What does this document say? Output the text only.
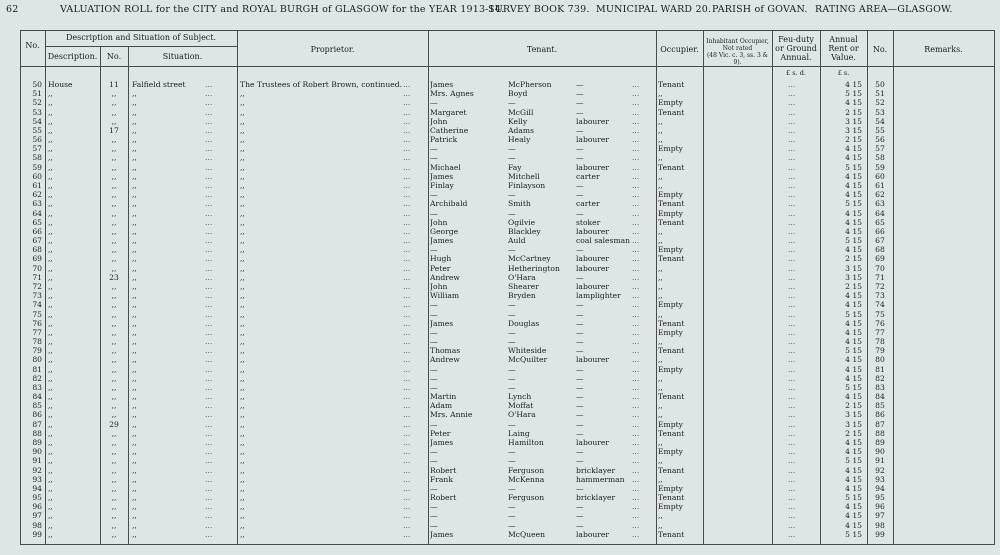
62	VALUATION ROLL for the CITY and ROYAL BURGH of GLASGOW for the YEAR 1913-14.
SURVEY BOOK 739. MUNICIPAL WARD 20. PARISH of GOVAN. RATING AREA—GLASGOW.
No.
Description and Situation of Subject.
Description.	No.	Situation.
Proprietor.	Tenant.	Occupier.
Inhabitant Occupier,
Not rated
(48 Vic. c. 3, ss. 3 & 9).
Feu-duty
or Ground
Annual.
Annual
Rent or
Value.
No.	Remarks.
£ s. d.	£ s.
50 House	11	Falfield street	The Trustees of Robert Brown, continued.	James	McPherson	—	Tenant	4 15	50
...	...	...	...
51 ,,	,,	,,	,,	Mrs. Agnes	Boyd	—	,,	5 15	51
...	...	...	...
52 ,,	,,	,,	,,	—	—	—	Empty	4 15	52
...	...	...	...
53 ,,	,,	,,	,,	Margaret	McGill	—	Tenant	2 15	53
...	...	...	...
54 ,,	,,	,,	,,	John	Kelly	labourer	,,	3 15	54
...	...	...	...
55 ,,	17	,,	,,	Catherine	Adams	—	,,	3 15	55
...	...	...	...
56 ,,	,,	,,	,,	Patrick	Healy	labourer	,,	2 15	56
...	...	...	...
57 ,,	,,	,,	,,	—	—	—	Empty	4 15	57
...	...	...	...
58 ,,	,,	,,	,,	—	—	—	,,	4 15	58
...	...	...	...
59 ,,	,,	,,	,,	Michael	Fay	labourer	Tenant	5 15	59
...	...	...	...
60 ,,	,,	,,	,,	James	Mitchell	carter	,,	4 15	60
...	...	...	...
61 ,,	,,	,,	,,	Finlay	Finlayson	—	,,	4 15	61
...	...	...	...
62 ,,	,,	,,	,,	—	—	—	Empty	4 15	62
...	...	...	...
63 ,,	,,	,,	,,	Archibald	Smith	carter	Tenant	5 15	63
...	...	...	...
64 ,,	,,	,,	,,	—	—	—	Empty	4 15	64
...	...	...	...
65 ,,	,,	,,	,,	John	Ogilvie	stoker	Tenant	4 15	65
...	...	...	...
66 ,,	,,	,,	,,	George	Blackley	labourer	,,	4 15	66
...	...	...	...
67 ,,	,,	,,	,,	James	Auld	coal salesman	,,	5 15	67
...	...	...	...
68 ,,	,,	,,	,,	—	—	—	Empty	4 15	68
...	...	...	...
69 ,,	,,	,,	,,	Hugh	McCartney	labourer	Tenant	2 15	69
...	...	...	...
70 ,,	,,	,,	,,	Peter	Hetherington	labourer	,,	3 15	70
...	...	...	...
71 ,,	23	,,	,,	Andrew	O'Hara	—	,,	3 15	71
...	...	...	...
72 ,,	,,	,,	,,	John	Shearer	labourer	,,	2 15	72
...	...	...	...
73 ,,	,,	,,	,,	William	Bryden	lamplighter	,,	4 15	73
...	...	...	...
74 ,,	,,	,,	,,	—	—	—	Empty	4 15	74
...	...	...	...
75 ,,	,,	,,	,,	—	—	—	,,	5 15	75
...	...	...	...
76 ,,	,,	,,	,,	James	Douglas	—	Tenant	4 15	76
...	...	...	...
77 ,,	,,	,,	,,	—	—	—	Empty	4 15	77
...	...	...	...
78 ,,	,,	,,	,,	—	—	—	,,	4 15	78
...	...	...	...
79 ,,	,,	,,	,,	Thomas	Whiteside	—	Tenant	5 15	79
...	...	...	...
80 ,,	,,	,,	,,	Andrew	McQuilter	labourer	,,	4 15	80
...	...	...	...
81 ,,	,,	,,	,,	—	—	—	Empty	4 15	81
...	...	...	...
82 ,,	,,	,,	,,	—	—	—	,,	4 15	82
...	...	...	...
83 ,,	,,	,,	,,	—	—	—	,,	5 15	83
...	...	...	...
84 ,,	,,	,,	,,	Martin	Lynch	—	Tenant	4 15	84
...	...	...	...
85 ,,	,,	,,	,,	Adam	Moffat	—	,,	2 15	85
...	...	...	...
86 ,,	,,	,,	,,	Mrs. Annie	O'Hara	—	,,	3 15	86
...	...	...	...
87 ,,	29	,,	,,	—	—	—	Empty	3 15	87
...	...	...	...
88 ,,	,,	,,	,,	Peter	Laing	—	Tenant	2 15	88
...	...	...	...
89 ,,	,,	,,	,,	James	Hamilton	labourer	,,	4 15	89
...	...	...	...
90 ,,	,,	,,	,,	—	—	—	Empty	4 15	90
...	...	...	...
91 ,,	,,	,,	,,	—	—	—	,,	5 15	91
...	...	...	...
92 ,,	,,	,,	,,	Robert	Ferguson	bricklayer	Tenant	4 15	92
...	...	...	...
93 ,,	,,	,,	,,	Frank	McKenna	hammerman	,,	4 15	93
...	...	...	...
94 ,,	,,	,,	,,	—	—	—	Empty	4 15	94
...	...	...	...
95 ,,	,,	,,	,,	Robert	Ferguson	bricklayer	Tenant	5 15	95
...	...	...	...
96 ,,	,,	,,	,,	—	—	—	Empty	4 15	96
...	...	...	...
97 ,,	,,	,,	,,	—	—	—	,,	4 15	97
...	...	...	...
98 ,,	,,	,,	,,	—	—	—	,,	4 15	98
...	...	...	...
99 ,,	,,	,,	,,	James	McQueen	labourer	Tenant	5 15	99
...	...	...	...
